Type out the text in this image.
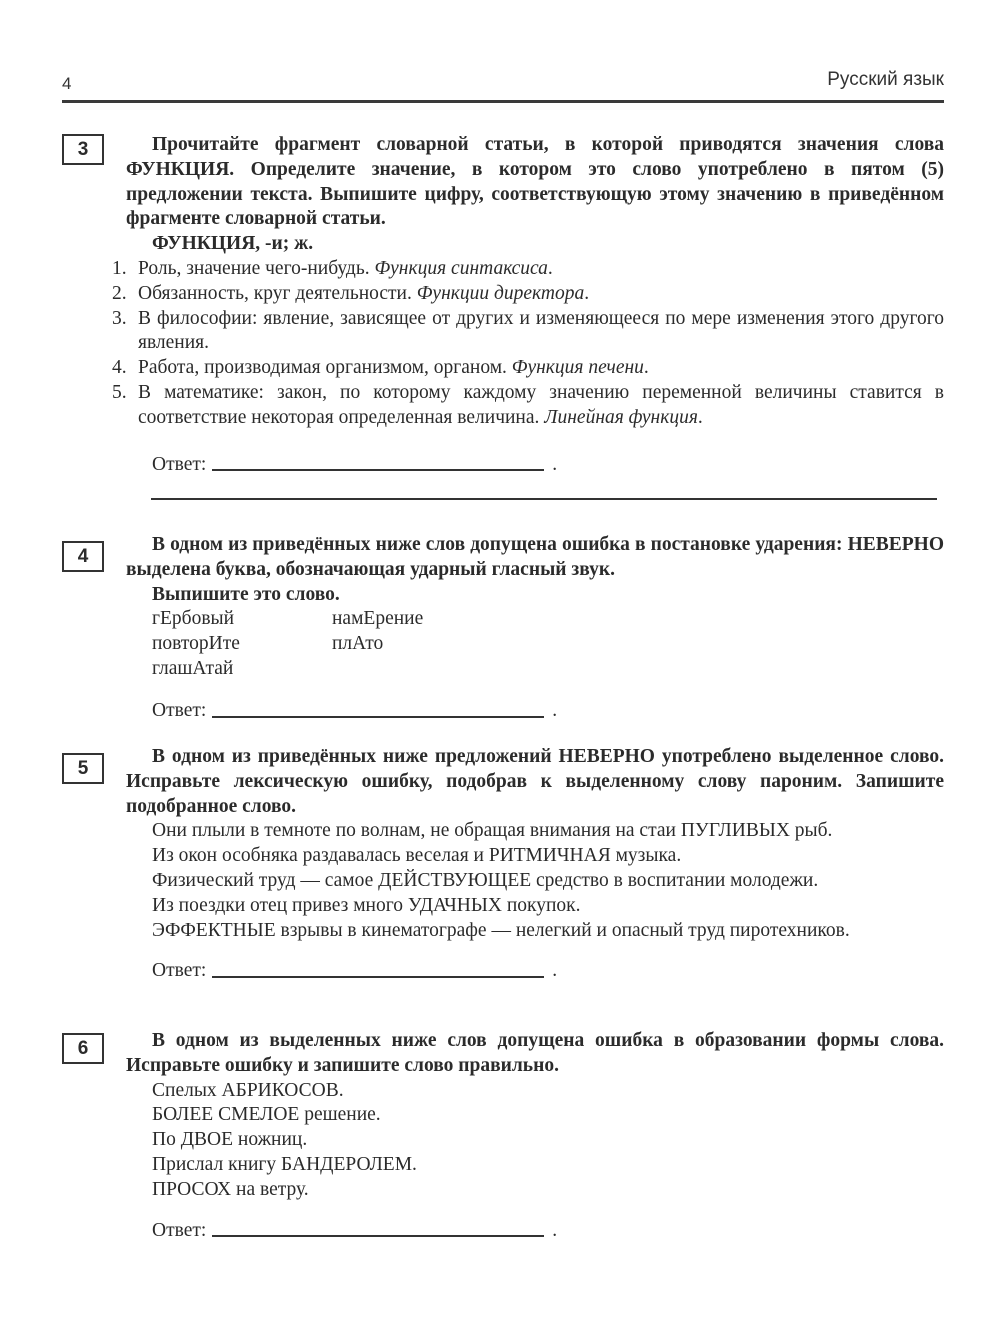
4	Русский язык
3	Прочитайте фрагмент словарной статьи, в которой приводятся значения слова ФУНКЦИЯ. Определите значение, в котором это слово употреблено в пятом (5) предложении текста. Выпишите цифру, соответствующую этому значению в приведённом фрагменте словарной статьи.

ФУНКЦИЯ, -и; ж.

1. Роль, значение чего-нибудь. Функция синтаксиса.
2. Обязанность, круг деятельности. Функции директора.
3. В философии: явление, зависящее от других и изменяющееся по мере изменения этого другого явления.
4. Работа, производимая организмом, органом. Функция печени.
5. В математике: закон, по которому каждому значению переменной величины ставится в соответствие некоторая определенная величина. Линейная функция.
Ответ:	.
4

В одном из приведённых ниже слов допущена ошибка в постановке ударения: НЕВЕРНО выделена буква, обозначающая ударный гласный звук.

Выпишите это слово.

гЕрбовый	намЕрение
повторИте	плАто
глашАтай
Ответ:	.
5

В одном из приведённых ниже предложений НЕВЕРНО употреблено выделенное слово. Исправьте лексическую ошибку, подобрав к выделенному слову пароним. Запишите подобранное слово.

Они плыли в темноте по волнам, не обращая внимания на стаи ПУГЛИВЫХ рыб.

Из окон особняка раздавалась веселая и РИТМИЧНАЯ музыка.

Физический труд — самое ДЕЙСТВУЮЩЕЕ средство в воспитании молодежи.

Из поездки отец привез много УДАЧНЫХ покупок.

ЭФФЕКТНЫЕ взрывы в кинематографе — нелегкий и опасный труд пиротехников.

Ответ:	.
6	В одном из выделенных ниже слов допущена ошибка в образовании формы слова. Исправьте ошибку и запишите слово правильно.

Спелых АБРИКОСОВ.

БОЛЕЕ СМЕЛОЕ решение.

По ДВОЕ ножниц.

Прислал книгу БАНДЕРОЛЕМ.

ПРОСОХ на ветру.

Ответ:	.
